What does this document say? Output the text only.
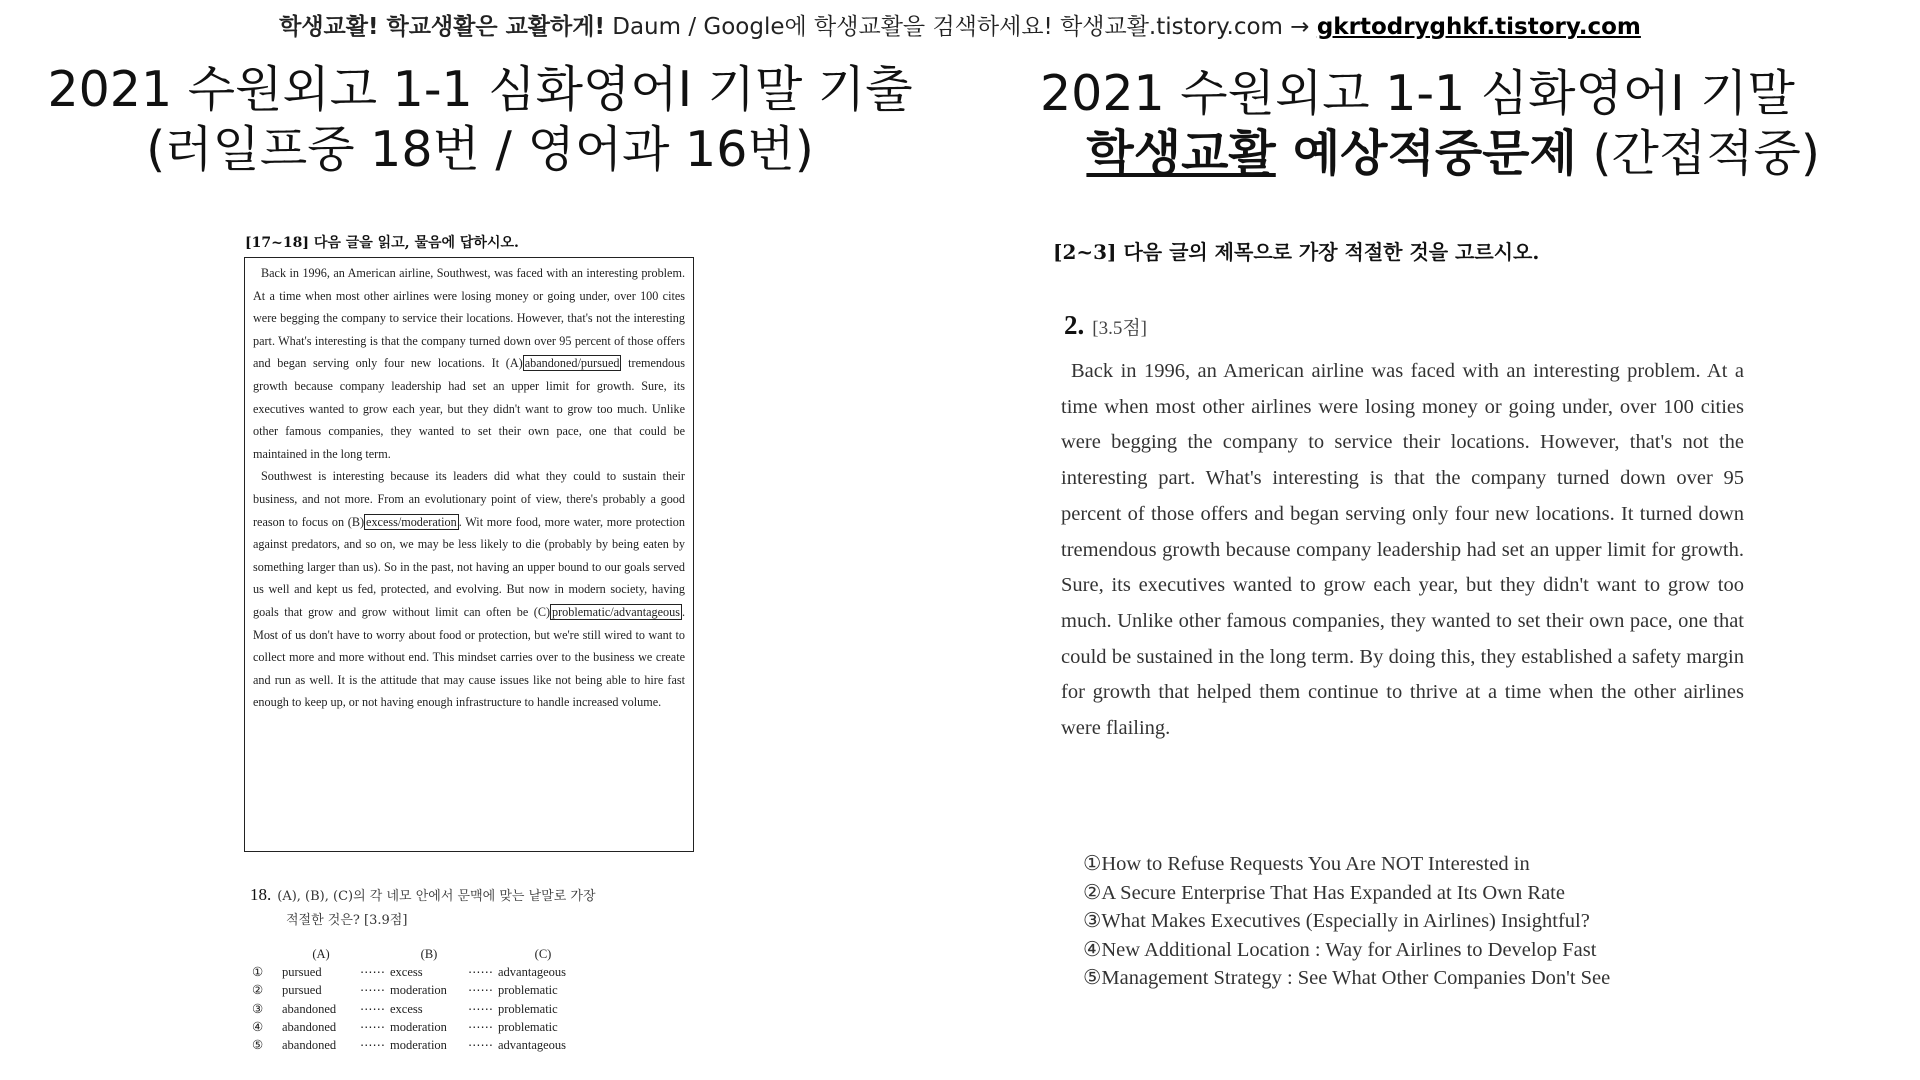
학생교활! 학교생활은 교활하게! Daum / Google에 학생교활을 검색하세요! 학생교활.tistory.com → gkrtodryghkf.tistory.com
2021 수원외고 1-1 심화영어I 기말 기출
(러일프중 18번 / 영어과 16번)
2021 수원외고 1-1 심화영어I 기말
학생교활 예상적중문제 (간접적중)
[17~18] 다음 글을 읽고, 물음에 답하시오.

Back in 1996, an American airline, Southwest, was faced with an interesting problem. At a time when most other airlines were losing money or going under, over 100 cites were begging the company to service their locations. However, that's not the interesting part. What's interesting is that the company turned down over 95 percent of those offers and began serving only four new locations. It (A) abandoned/pursued tremendous growth because company leadership had set an upper limit for growth. Sure, its executives wanted to grow each year, but they didn't want to grow too much. Unlike other famous companies, they wanted to set their own pace, one that could be maintained in the long term.

Southwest is interesting because its leaders did what they could to sustain their business, and not more. From an evolutionary point of view, there's probably a good reason to focus on (B) excess/moderation . Wit more food, more water, more protection against predators, and so on, we may be less likely to die (probably by being eaten by something larger than us). So in the past, not having an upper bound to our goals served us well and kept us fed, protected, and evolving. But now in modern society, having goals that grow and grow without limit can often be (C) problematic/advantageous . Most of us don't have to worry about food or protection, but we're still wired to want to collect more and more without end. This mindset carries over to the business we create and run as well. It is the attitude that may cause issues like not being able to hire fast enough to keep up, or not having enough infrastructure to handle increased volume.

18. (A), (B), (C)의 각 네모 안에서 문맥에 맞는 낱말로 가장
적절한 것은? [3.9점]
	(A)		(B)		(C)
①	pursued	⋯⋯	excess	⋯⋯	advantageous
②	pursued	⋯⋯	moderation	⋯⋯	problematic
③	abandoned	⋯⋯	excess	⋯⋯	problematic
④	abandoned	⋯⋯	moderation	⋯⋯	problematic
⑤	abandoned	⋯⋯	moderation	⋯⋯	advantageous
[2~3] 다음 글의 제목으로 가장 적절한 것을 고르시오.
2. [3.5점]

Back in 1996, an American airline was faced with an interesting problem. At a time when most other airlines were losing money or going under, over 100 cities were begging the company to service their locations. However, that's not the interesting part. What's interesting is that the company turned down over 95 percent of those offers and began serving only four new locations. It turned down tremendous growth because company leadership had set an upper limit for growth. Sure, its executives wanted to grow each year, but they didn't want to grow too much. Unlike other famous companies, they wanted to set their own pace, one that could be sustained in the long term. By doing this, they established a safety margin for growth that helped them continue to thrive at a time when the other airlines were flailing.

①How to Refuse Requests You Are NOT Interested in
②A Secure Enterprise That Has Expanded at Its Own Rate
③What Makes Executives (Especially in Airlines) Insightful?
④New Additional Location : Way for Airlines to Develop Fast
⑤Management Strategy : See What Other Companies Don't See
